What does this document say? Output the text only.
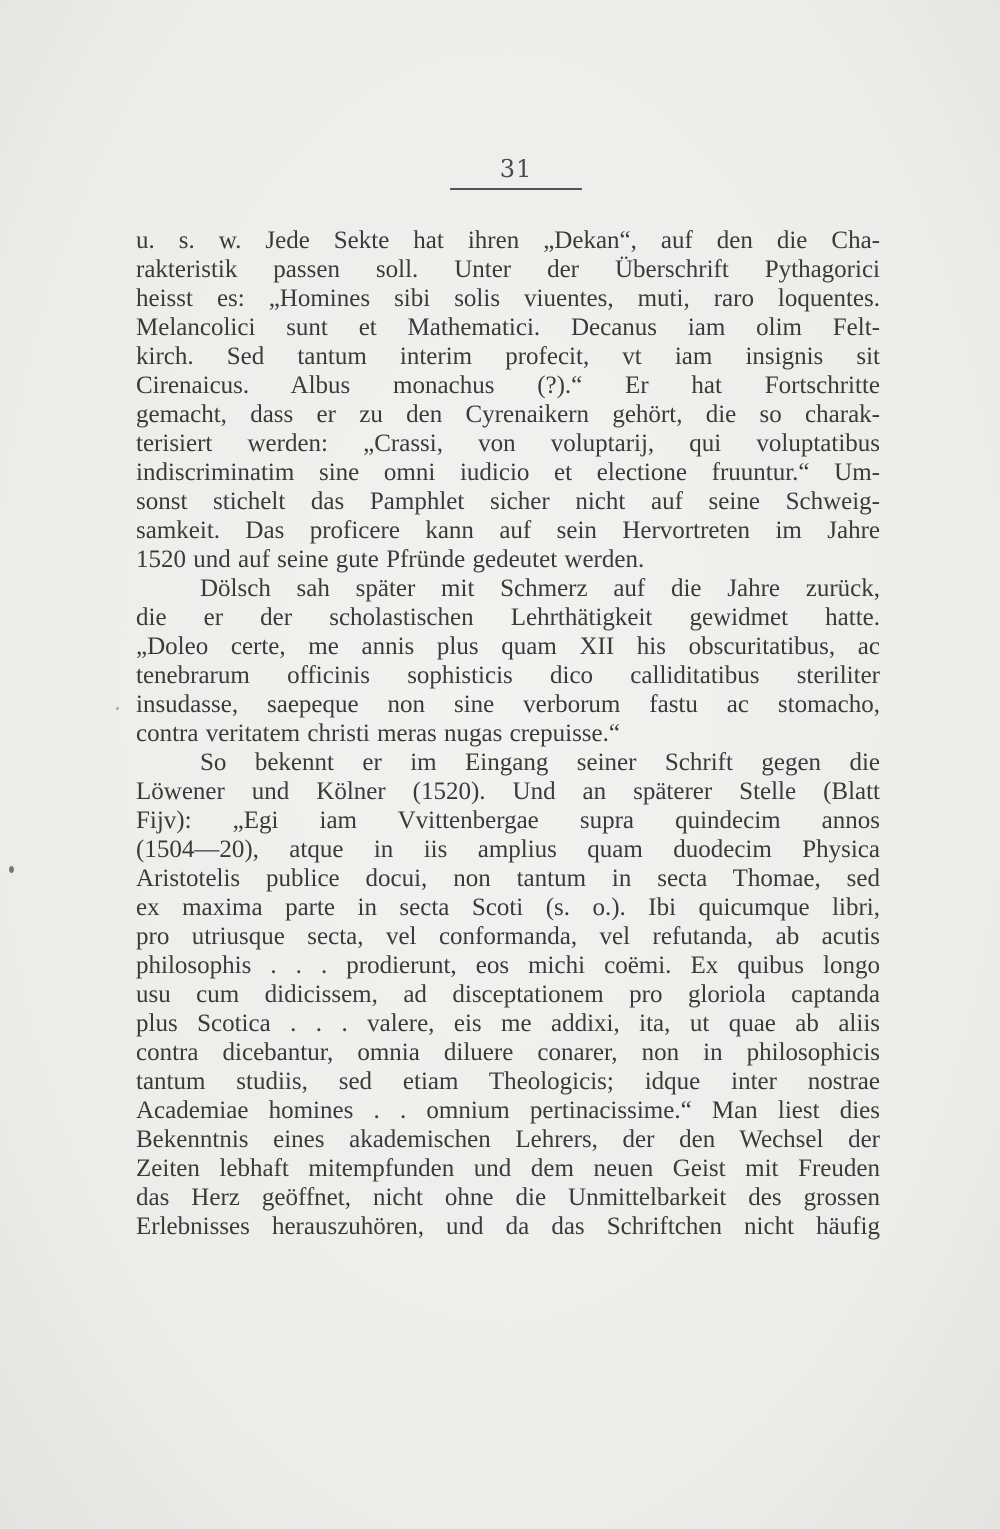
31

u. s. w. Jede Sekte hat ihren „Dekan“, auf den die Cha-

rakteristik passen soll. Unter der Überschrift Pythagorici

heisst es: „Homines sibi solis viuentes, muti, raro loquentes.

Melancolici sunt et Mathematici. Decanus iam olim Felt-

kirch. Sed tantum interim profecit, vt iam insignis sit

Cirenaicus. Albus monachus (?).“ Er hat Fortschritte

gemacht, dass er zu den Cyrenaikern gehört, die so charak-

terisiert werden: „Crassi, von voluptarij, qui voluptatibus

indiscriminatim sine omni iudicio et electione fruuntur.“ Um-

sonst stichelt das Pamphlet sicher nicht auf seine Schweig-

samkeit. Das proficere kann auf sein Hervortreten im Jahre

1520 und auf seine gute Pfründe gedeutet werden.

Dölsch sah später mit Schmerz auf die Jahre zurück,

die er der scholastischen Lehrthätigkeit gewidmet hatte.

„Doleo certe, me annis plus quam XII his obscuritatibus, ac

tenebrarum officinis sophisticis dico calliditatibus steriliter

insudasse, saepeque non sine verborum fastu ac stomacho,

contra veritatem christi meras nugas crepuisse.“

So bekennt er im Eingang seiner Schrift gegen die

Löwener und Kölner (1520). Und an späterer Stelle (Blatt

Fijv): „Egi iam Vvittenbergae supra quindecim annos

(1504—20), atque in iis amplius quam duodecim Physica

Aristotelis publice docui, non tantum in secta Thomae, sed

ex maxima parte in secta Scoti (s. o.). Ibi quicumque libri,

pro utriusque secta, vel conformanda, vel refutanda, ab acutis

philosophis . . . prodierunt, eos michi coëmi. Ex quibus longo

usu cum didicissem, ad disceptationem pro gloriola captanda

plus Scotica . . . valere, eis me addixi, ita, ut quae ab aliis

contra dicebantur, omnia diluere conarer, non in philosophicis

tantum studiis, sed etiam Theologicis; idque inter nostrae

Academiae homines . . omnium pertinacissime.“ Man liest dies

Bekenntnis eines akademischen Lehrers, der den Wechsel der

Zeiten lebhaft mitempfunden und dem neuen Geist mit Freuden

das Herz geöffnet, nicht ohne die Unmittelbarkeit des grossen

Erlebnisses herauszuhören, und da das Schriftchen nicht häufig
